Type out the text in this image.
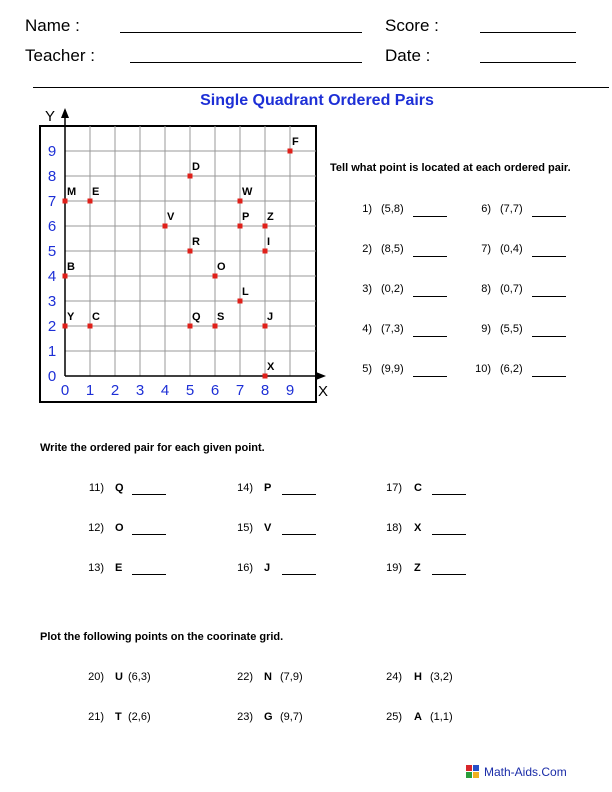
Name :
Teacher :
Score :
Date :
Single Quadrant Ordered Pairs
X
Y
0 1 2 3 4 5 6 7 8 9
0
1
2
3
4
5
6
7
8
9
F
D
M E	W
V	P Z
R	I
B	O
L
Y C	Q S	J
X
Tell what point is located at each ordered pair.
1) (5,8)	6) (7,7)
2) (8,5)	7) (0,4)
3) (0,2)	8) (0,7)
4) (7,3)	9) (5,5)
5) (9,9)	10) (6,2)
Write the ordered pair for each given point.
11) Q	14) P	17) C
12) O	15) V	18) X
13) E	16) J	19) Z
Plot the following points on the coorinate grid.
20) U (6,3)	22) N (7,9)	24) H (3,2)
21) T (2,6)	23) G (9,7)	25) A (1,1)
Math-Aids.Com
